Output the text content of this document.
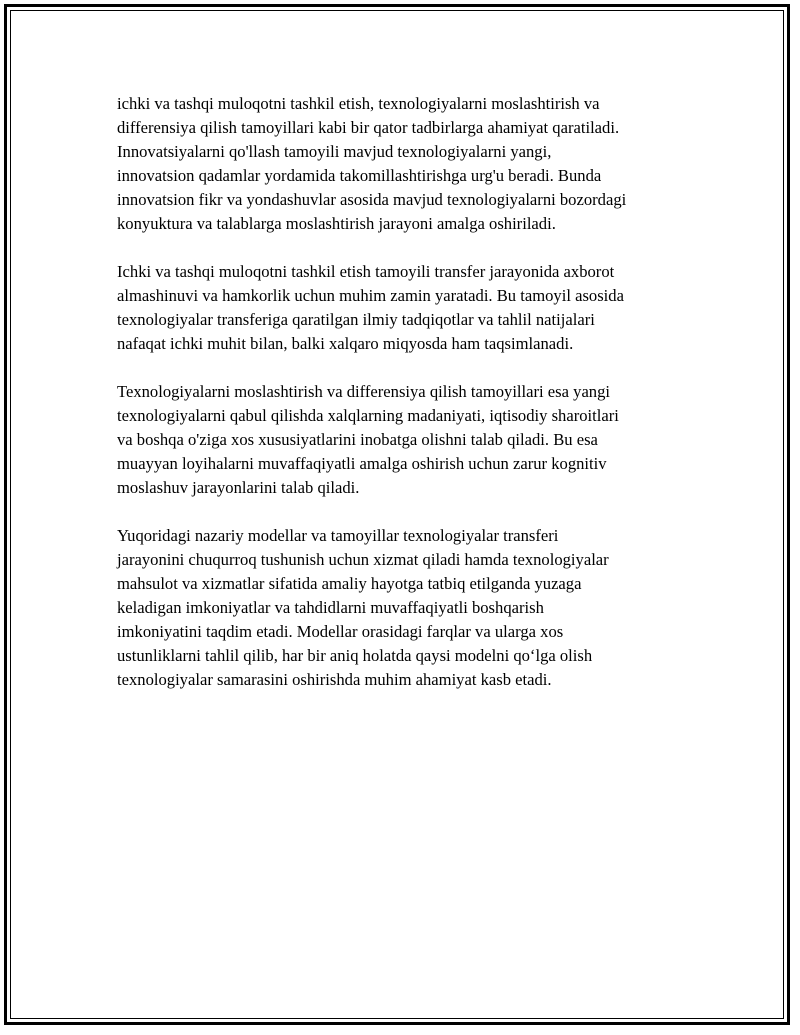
ichki va tashqi muloqotni tashkil etish, texnologiyalarni moslashtirish va
differensiya qilish tamoyillari kabi bir qator tadbirlarga ahamiyat qaratiladi.
Innovatsiyalarni qo'llash tamoyili mavjud texnologiyalarni yangi,
innovatsion qadamlar yordamida takomillashtirishga urg'u beradi. Bunda
innovatsion fikr va yondashuvlar asosida mavjud texnologiyalarni bozordagi
konyuktura va talablarga moslashtirish jarayoni amalga oshiriladi.

Ichki va tashqi muloqotni tashkil etish tamoyili transfer jarayonida axborot
almashinuvi va hamkorlik uchun muhim zamin yaratadi. Bu tamoyil asosida
texnologiyalar transferiga qaratilgan ilmiy tadqiqotlar va tahlil natijalari
nafaqat ichki muhit bilan, balki xalqaro miqyosda ham taqsimlanadi.

Texnologiyalarni moslashtirish va differensiya qilish tamoyillari esa yangi
texnologiyalarni qabul qilishda xalqlarning madaniyati, iqtisodiy sharoitlari
va boshqa o'ziga xos xususiyatlarini inobatga olishni talab qiladi. Bu esa
muayyan loyihalarni muvaffaqiyatli amalga oshirish uchun zarur kognitiv
moslashuv jarayonlarini talab qiladi.

Yuqoridagi nazariy modellar va tamoyillar texnologiyalar transferi
jarayonini chuqurroq tushunish uchun xizmat qiladi hamda texnologiyalar
mahsulot va xizmatlar sifatida amaliy hayotga tatbiq etilganda yuzaga
keladigan imkoniyatlar va tahdidlarni muvaffaqiyatli boshqarish
imkoniyatini taqdim etadi. Modellar orasidagi farqlar va ularga xos
ustunliklarni tahlil qilib, har bir aniq holatda qaysi modelni qo‘lga olish
texnologiyalar samarasini oshirishda muhim ahamiyat kasb etadi.
